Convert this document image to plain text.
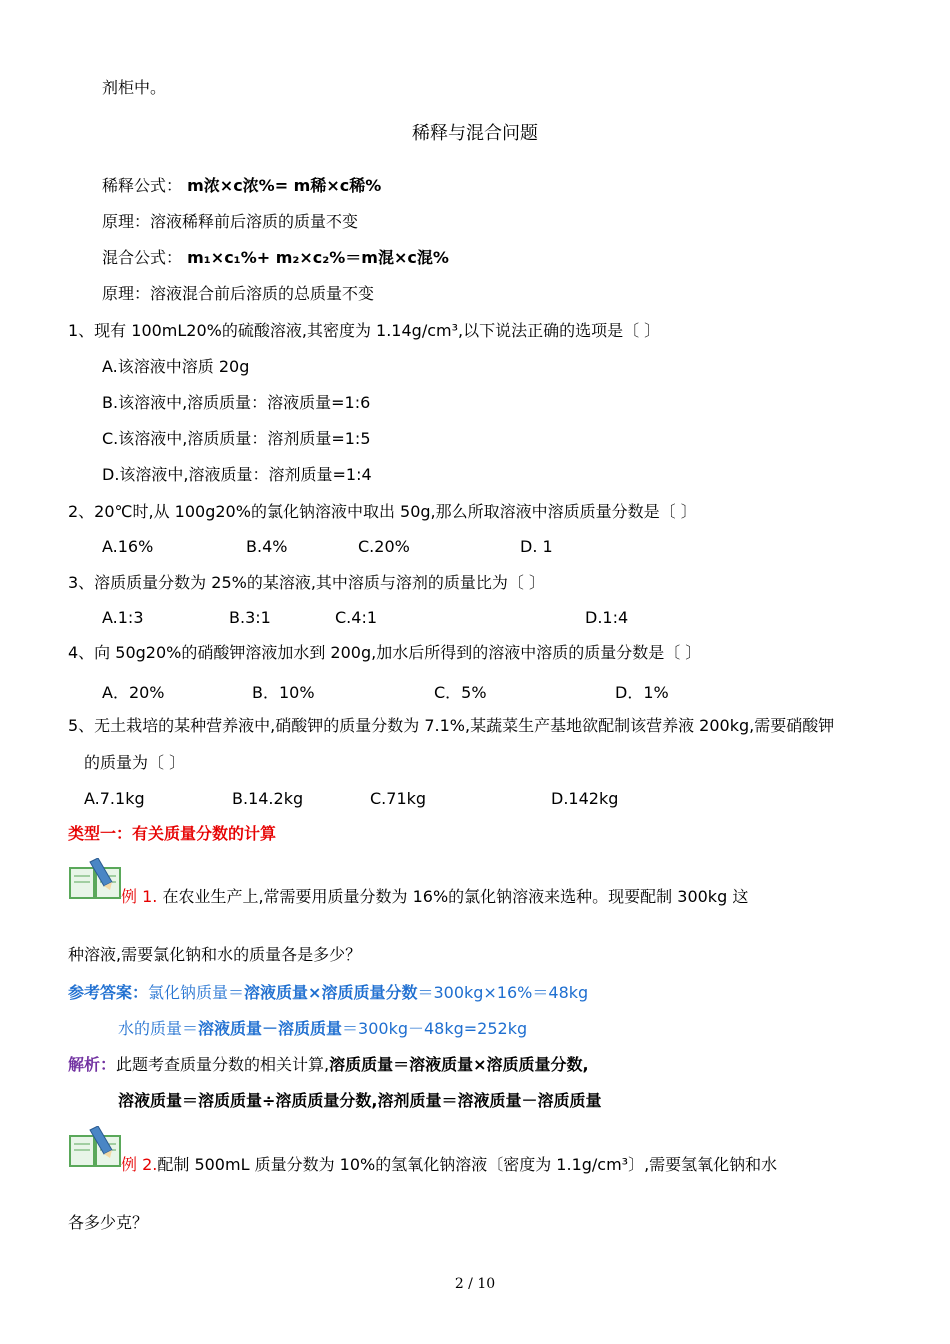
剂柜中。
稀释与混合问题
稀释公式： m浓×c浓%= m稀×c稀%
原理：溶液稀释前后溶质的质量不变
混合公式： m₁×c₁%+ m₂×c₂%＝m混×c混%
原理：溶液混合前后溶质的总质量不变
1、现有 100mL20%的硫酸溶液,其密度为 1.14g/cm³,以下说法正确的选项是〔 〕
A.该溶液中溶质 20g
B.该溶液中,溶质质量：溶液质量=1:6
C.该溶液中,溶质质量：溶剂质量=1:5
D.该溶液中,溶液质量：溶剂质量=1:4
2、20℃时,从 100g20%的氯化钠溶液中取出 50g,那么所取溶液中溶质质量分数是〔 〕
A.16%	B.4%	C.20%	D. 1
3、溶质质量分数为 25%的某溶液,其中溶质与溶剂的质量比为〔 〕
A.1:3	B.3:1	C.4:1	D.1:4
4、向 50g20%的硝酸钾溶液加水到 200g,加水后所得到的溶液中溶质的质量分数是〔 〕
A．20%	B．10%	C．5%	D．1%
5、无土栽培的某种营养液中,硝酸钾的质量分数为 7.1%,某蔬菜生产基地欲配制该营养液 200kg,需要硝酸钾
的质量为〔 〕
A.7.1kg	B.14.2kg	C.71kg	D.142kg
类型一：有关质量分数的计算
例 1. 在农业生产上,常需要用质量分数为 16%的氯化钠溶液来选种。现要配制 300kg 这
种溶液,需要氯化钠和水的质量各是多少？
参考答案：氯化钠质量＝溶液质量×溶质质量分数＝300kg×16%＝48kg
水的质量＝溶液质量－溶质质量＝300kg－48kg=252kg
解析：此题考查质量分数的相关计算,溶质质量＝溶液质量×溶质质量分数,
溶液质量＝溶质质量÷溶质质量分数,溶剂质量＝溶液质量－溶质质量
例 2.配制 500mL 质量分数为 10%的氢氧化钠溶液〔密度为 1.1g/cm³〕,需要氢氧化钠和水
各多少克？
2 / 10
